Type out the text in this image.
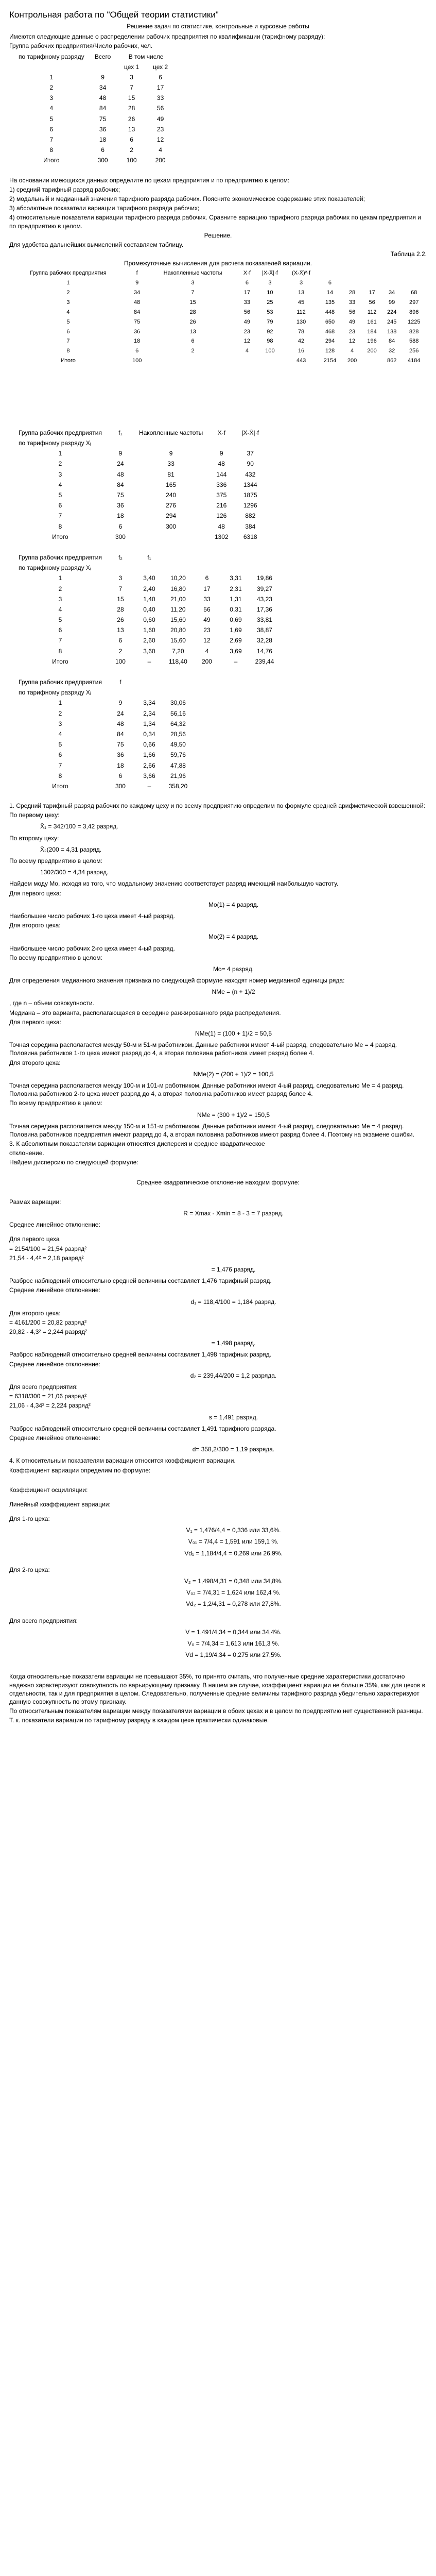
Контрольная работа по "Общей теории статистики"
Решение задач по статистике, контрольные и курсовые работы

Имеются следующие данные о распределении рабочих предприятия по квалификации (тарифному разряду):

Группа рабочих предприятия/Число рабочих, чел.

по тарифному разряду	Всего	В том числе	
		цех 1	цех 2
1	9	3	6
2	34	7	17
3	48	15	33
4	84	28	56
5	75	26	49
6	36	13	23
7	18	6	12
8	6	2	4
Итого	300	100	200

На основании имеющихся данных определите по цехам предприятия и по предприятию в целом:

1) средний тарифный разряд рабочих;

2) модальный и медианный значения тарифного разряда рабочих. Поясните экономическое содержание этих показателей;

3) абсолютные показатели вариации тарифного разряда рабочих;

4) относительные показатели вариации тарифного разряда рабочих. Сравните вариацию тарифного разряда рабочих по цехам предприятия и по предприятию в целом.

Решение.

Для удобства дальнейших вычислений составляем таблицу.

Таблица 2.2.

Промежуточные вычисления для расчета показателей вариации.

Группа рабочих предприятия	f	Накопленные частоты	X·f	|X-X̄|·f	(X-X̄)²·f					
1	9	3	6	3	3	6				
2	34	7	17	10	13	14	28	17	34	68
3	48	15	33	25	45	135	33	56	99	297
4	84	28	56	53	112	448	56	112	224	896
5	75	26	49	79	130	650	49	161	245	1225
6	36	13	23	92	78	468	23	184	138	828
7	18	6	12	98	42	294	12	196	84	588
8	6	2	4	100	16	128	4	200	32	256
Итого	100				443	2154	200		862	4184
Группа рабочих предприятия	f₁	Накопленные частоты	X·f	|X-X̄|·f
по тарифному разряду Xᵢ				
1	9	9	9	37
2	24	33	48	90
3	48	81	144	432
4	84	165	336	1344
5	75	240	375	1875
6	36	276	216	1296
7	18	294	126	882
8	6	300	48	384
Итого	300		1302	6318
Группа рабочих предприятия	f₂	f₁				
по тарифному разряду Xᵢ						
1	3	3,40	10,20	6	3,31	19,86
2	7	2,40	16,80	17	2,31	39,27
3	15	1,40	21,00	33	1,31	43,23
4	28	0,40	11,20	56	0,31	17,36
5	26	0,60	15,60	49	0,69	33,81
6	13	1,60	20,80	23	1,69	38,87
7	6	2,60	15,60	12	2,69	32,28
8	2	3,60	7,20	4	3,69	14,76
Итого	100	–	118,40	200	–	239,44
Группа рабочих предприятия	f		
по тарифному разряду Xᵢ			
1	9	3,34	30,06
2	24	2,34	56,16
3	48	1,34	64,32
4	84	0,34	28,56
5	75	0,66	49,50
6	36	1,66	59,76
7	18	2,66	47,88
8	6	3,66	21,96
Итого	300	–	358,20

1. Средний тарифный разряд рабочих по каждому цеху и по всему предприятию определим по формуле средней арифметической взвешенной:

По первому цеху:

X̄₁ = 342/100 = 3,42 разряд.

По второму цеху:

X̄₂(200 = 4,31 разряд.

По всему предприятию в целом:

1302/300 = 4,34 разряд.

Найдем моду Mo, исходя из того, что модальному значению соответствует разряд имеющий наибольшую частоту.

Для первого цеха:

Mo(1) = 4 разряд.

Наибольшее число рабочих 1-го цеха имеет 4-ый разряд.

Для второго цеха:

Mo(2) = 4 разряд.

Наибольшее число рабочих 2-го цеха имеет 4-ый разряд.

По всему предприятию в целом:

Mo= 4 разряд.

Для определения медианного значения признака по следующей формуле находят номер медианной единицы ряда:

NMe = (n + 1)/2

, где n – объем совокупности.

Медиана – это варианта, располагающаяся в середине ранжированного ряда распределения.

Для первого цеха:

NMe(1) = (100 + 1)/2 = 50,5

Точная середина располагается между 50-м и 51-м работником. Данные работники имеют 4-ый разряд, следовательно Me = 4 разряд. Половина работников 1-го цеха имеют разряд до 4, а вторая половина работников имеет разряд более 4.

Для второго цеха:

NMe(2) = (200 + 1)/2 = 100,5

Точная середина располагается между 100-м и 101-м работником. Данные работники имеют 4-ый разряд, следовательно Me = 4 разряд. Половина работников 2-го цеха имеет разряд до 4, а вторая половина работников имеет разряд более 4.

По всему предприятию в целом:

NMe = (300 + 1)/2 = 150,5

Точная середина располагается между 150-м и 151-м работником. Данные работники имеют 4-ый разряд, следовательно Me = 4 разряд. Половина работников предприятия имеют разряд до 4, а вторая половина работников имеют разряд более 4. Поэтому на экзамене ошибки.

3. К абсолютным показателям вариации относятся дисперсия и среднее квадратическое

отклонение.

Найдем дисперсию по следующей формуле:

Среднее квадратическое отклонение находим формуле:

Размах вариации:

R = Xmax - Xmin = 8 - 3 = 7 разряд.

Среднее линейное отклонение:

Для первого цеха

= 2154/100 = 21,54 разряд²

21,54 - 4,4² = 2,18 разряд²

= 1,476 разряд.

Разброс наблюдений относительно средней величины составляет 1,476 тарифный разряд.

Среднее линейное отклонение:

d₁ = 118,4/100 = 1,184 разряд.

Для второго цеха:

= 4161/200 = 20,82 разряд²

20,82 - 4,3² = 2,244 разряд²

= 1,498 разряд.

Разброс наблюдений относительно средней величины составляет 1,498 тарифных разряд.

Среднее линейное отклонение:

d₂ = 239,44/200 = 1,2 разряда.

Для всего предприятия:

= 6318/300 = 21,06 разряд²

21,06 - 4,34² = 2,224 разряд²

s = 1,491 разряд.

Разброс наблюдений относительно средней величины составляет 1,491 тарифного разряда.

Среднее линейное отклонение:

d= 358,2/300 = 1,19 разряда.

4. К относительным показателям вариации относится коэффициент вариации.

Коэффициент вариации определим по формуле:

Коэффициент осцилляции:

Линейный коэффициент вариации:

Для 1-го цеха:

V₁ = 1,476/4,4 = 0,336 или 33,6%.

V₀₁ = 7/4,4 = 1,591 или 159,1 %.

Vd₁ = 1,184/4,4 = 0,269 или 26,9%.

Для 2-го цеха:

V₂ = 1,498/4,31 = 0,348 или 34,8%.

V₀₂ = 7/4,31 = 1,624 или 162,4 %.

Vd₂ = 1,2/4,31 = 0,278 или 27,8%.

Для всего предприятия:

V = 1,491/4,34 = 0,344 или 34,4%.

V₀ = 7/4,34 = 1,613 или 161,3 %.

Vd = 1,19/4,34 = 0,275 или 27,5%.

Когда относительные показатели вариации не превышают 35%, то принято считать, что полученные средние характеристики достаточно надежно характеризуют совокупность по варьирующему признаку. В нашем же случае, коэффициент вариации не больше 35%, как для цехов в отдельности, так и для предприятия в целом. Следовательно, полученные средние величины тарифного разряда убедительно характеризуют данную совокупность по этому признаку.

По относительным показателям вариации между показателями вариации в обоих цехах и в целом по предприятию нет существенной разницы.

Т. к. показатели вариации по тарифному разряду в каждом цехе практически одинаковые.
